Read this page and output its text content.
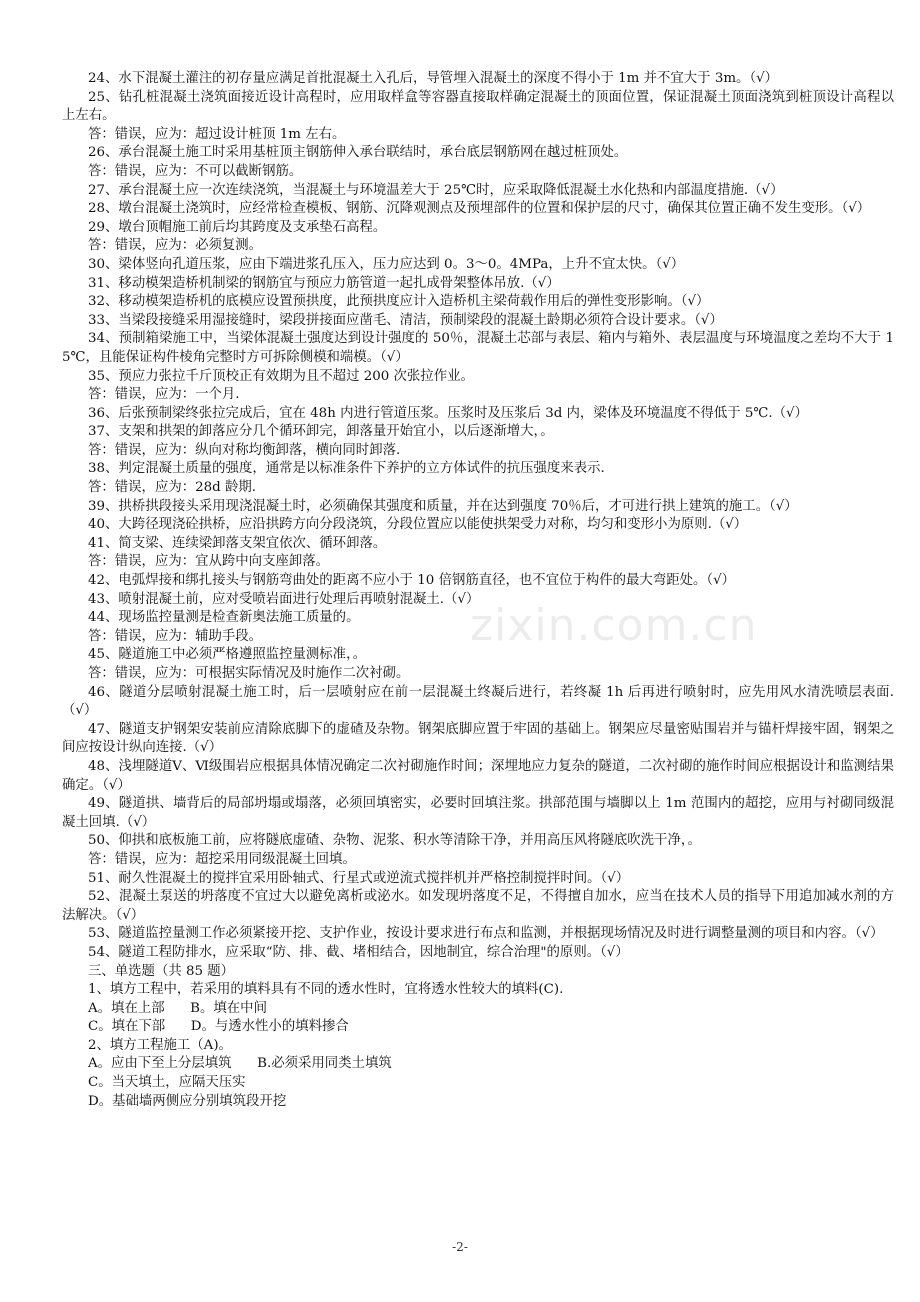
24、水下混凝土灌注的初存量应满足首批混凝土入孔后，导管埋入混凝土的深度不得小于 1m 并不宜大于 3m。（√）

25、钻孔桩混凝土浇筑面接近设计高程时，应用取样盒等容器直接取样确定混凝土的顶面位置，保证混凝土顶面浇筑到桩顶设计高程以上左右。

答：错误，应为：超过设计桩顶 1m 左右。

26、承台混凝土施工时采用基桩顶主钢筋伸入承台联结时，承台底层钢筋网在越过桩顶处。

答：错误，应为：不可以截断钢筋。

27、承台混凝土应一次连续浇筑，当混凝土与环境温差大于 25℃时，应采取降低混凝土水化热和内部温度措施.（√）

28、墩台混凝土浇筑时，应经常检查模板、钢筋、沉降观测点及预埋部件的位置和保护层的尺寸，确保其位置正确不发生变形。（√）

29、墩台顶帽施工前后均其跨度及支承垫石高程。

答：错误，应为：必须复测。

30、梁体竖向孔道压浆，应由下端进浆孔压入，压力应达到 0。3～0。4MPa，上升不宜太快。（√）

31、移动模架造桥机制梁的钢筋宜与预应力筋管道一起扎成骨架整体吊放.（√）

32、移动模架造桥机的底模应设置预拱度，此预拱度应计入造桥机主梁荷载作用后的弹性变形影响。（√）

33、当梁段接缝采用湿接缝时，梁段拼接面应凿毛、清洁，预制梁段的混凝土龄期必须符合设计要求。（√）

34、预制箱梁施工中，当梁体混凝土强度达到设计强度的 50％，混凝土芯部与表层、箱内与箱外、表层温度与环境温度之差均不大于 15℃，且能保证构件棱角完整时方可拆除侧模和端模。（√）

35、预应力张拉千斤顶校正有效期为且不超过 200 次张拉作业。

答：错误，应为：一个月.

36、后张预制梁终张拉完成后，宜在 48h 内进行管道压浆。压浆时及压浆后 3d 内，梁体及环境温度不得低于 5℃.（√）

37、支架和拱架的卸落应分几个循环卸完，卸落量开始宜小，以后逐渐增大，。

答：错误，应为：纵向对称均衡卸落，横向同时卸落.

38、判定混凝土质量的强度，通常是以标准条件下养护的立方体试件的抗压强度来表示.

答：错误，应为：28d 龄期.

39、拱桥拱段接头采用现浇混凝土时，必须确保其强度和质量，并在达到强度 70％后，才可进行拱上建筑的施工。（√）

40、大跨径现浇砼拱桥，应沿拱跨方向分段浇筑，分段位置应以能使拱架受力对称，均匀和变形小为原则.（√）

41、简支梁、连续梁卸落支架宜依次、循环卸落。

答：错误，应为：宜从跨中向支座卸落。

42、电弧焊接和绑扎接头与钢筋弯曲处的距离不应小于 10 倍钢筋直径，也不宜位于构件的最大弯距处。（√）

43、喷射混凝土前，应对受喷岩面进行处理后再喷射混凝土.（√）

44、现场监控量测是检查新奥法施工质量的。

答：错误，应为：辅助手段。

45、隧道施工中必须严格遵照监控量测标准，。

答：错误，应为：可根据实际情况及时施作二次衬砌。

46、隧道分层喷射混凝土施工时，后一层喷射应在前一层混凝土终凝后进行，若终凝 1h 后再进行喷射时，应先用风水清洗喷层表面.（√）

47、隧道支护钢架安装前应清除底脚下的虚碴及杂物。钢架底脚应置于牢固的基础上。钢架应尽量密贴围岩并与锚杆焊接牢固，钢架之间应按设计纵向连接.（√）

48、浅埋隧道Ⅴ、Ⅵ级围岩应根据具体情况确定二次衬砌施作时间；深埋地应力复杂的隧道，二次衬砌的施作时间应根据设计和监测结果确定。（√）

49、隧道拱、墙背后的局部坍塌或塌落，必须回填密实，必要时回填注浆。拱部范围与墙脚以上 1m 范围内的超挖，应用与衬砌同级混凝土回填.（√）

50、仰拱和底板施工前，应将隧底虚碴、杂物、泥浆、积水等清除干净，并用高压风将隧底吹洗干净，。

答：错误，应为：超挖采用同级混凝土回填。

51、耐久性混凝土的搅拌宜采用卧轴式、行星式或逆流式搅拌机并严格控制搅拌时间。（√）

52、混凝土泵送的坍落度不宜过大以避免离析或泌水。如发现坍落度不足，不得擅自加水，应当在技术人员的指导下用追加减水剂的方法解决。（√）

53、隧道监控量测工作必须紧接开挖、支护作业，按设计要求进行布点和监测，并根据现场情况及时进行调整量测的项目和内容。（√）

54、隧道工程防排水，应采取“防、排、截、堵相结合，因地制宜，综合治理"的原则。（√）

三、单选题（共 85 题）

1、填方工程中，若采用的填料具有不同的透水性时，宜将透水性较大的填料(C).

A。填在上部      B。填在中间

C。填在下部      D。与透水性小的填料掺合

2、填方工程施工（A)。

A。应由下至上分层填筑      B.必须采用同类土填筑

C。当天填土，应隔天压实

D。基础墙两侧应分别填筑段开挖

zixin.com.cn
-2-
